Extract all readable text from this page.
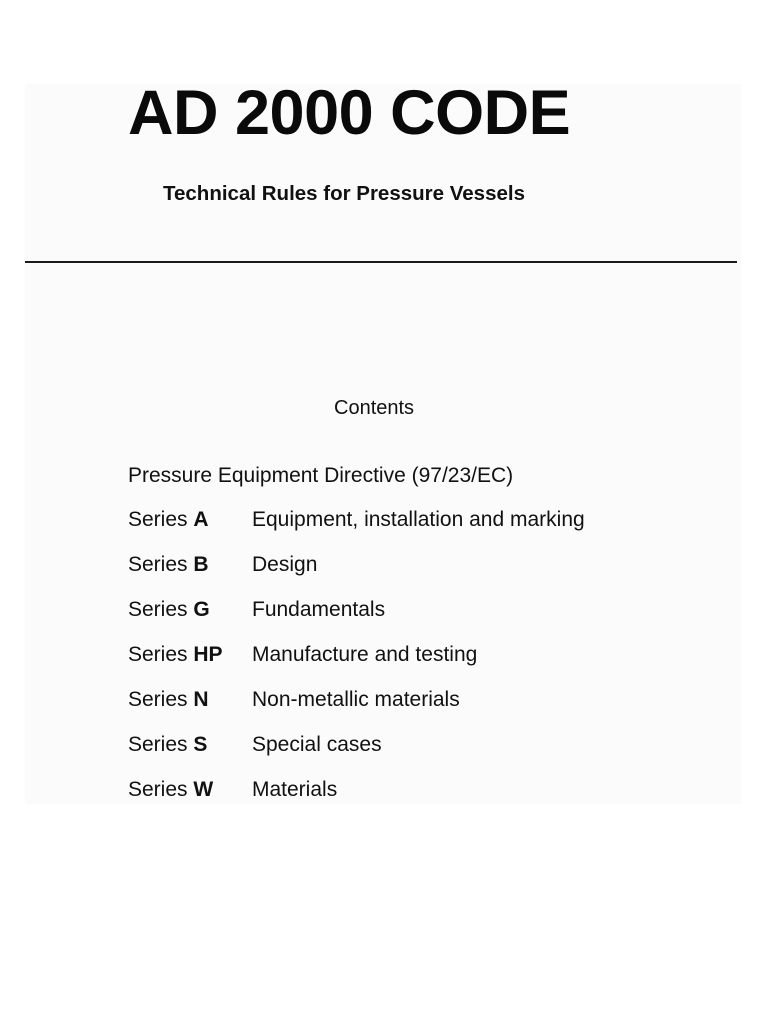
AD 2000 CODE
Technical Rules for Pressure Vessels
Contents
Pressure Equipment Directive (97/23/EC)
Series A Equipment, installation and marking
Series B Design
Series G Fundamentals
Series HP Manufacture and testing
Series N Non-metallic materials
Series S Special cases
Series W Materials
